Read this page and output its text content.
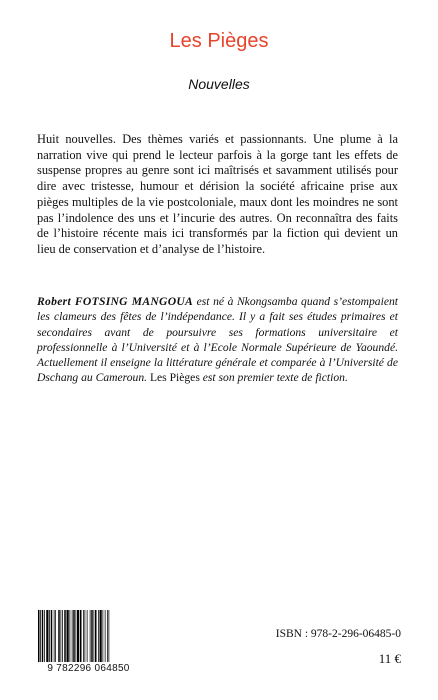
Les Pièges
Nouvelles

Huit nouvelles. Des thèmes variés et passionnants. Une plume à la narration vive qui prend le lecteur parfois à la gorge tant les effets de suspense propres au genre sont ici maîtrisés et savamment utilisés pour dire avec tristesse, humour et dérision la société africaine prise aux pièges multiples de la vie postcoloniale, maux dont les moindres ne sont pas l’indolence des uns et l’incurie des autres. On reconnaîtra des faits de l’histoire récente mais ici transformés par la fiction qui devient un lieu de conservation et d’analyse de l’histoire.

Robert FOTSING MANGOUA est né à Nkongsamba quand s’estompaient les clameurs des fêtes de l’indépendance. Il y a fait ses études primaires et secondaires avant de poursuivre ses formations universitaire et professionnelle à l’Université et à l’Ecole Normale Supérieure de Yaoundé. Actuellement il enseigne la littérature générale et comparée à l’Université de Dschang au Cameroun. Les Pièges est son premier texte de fiction.

9 782296 064850
ISBN : 978-2-296-06485-0
11 €
